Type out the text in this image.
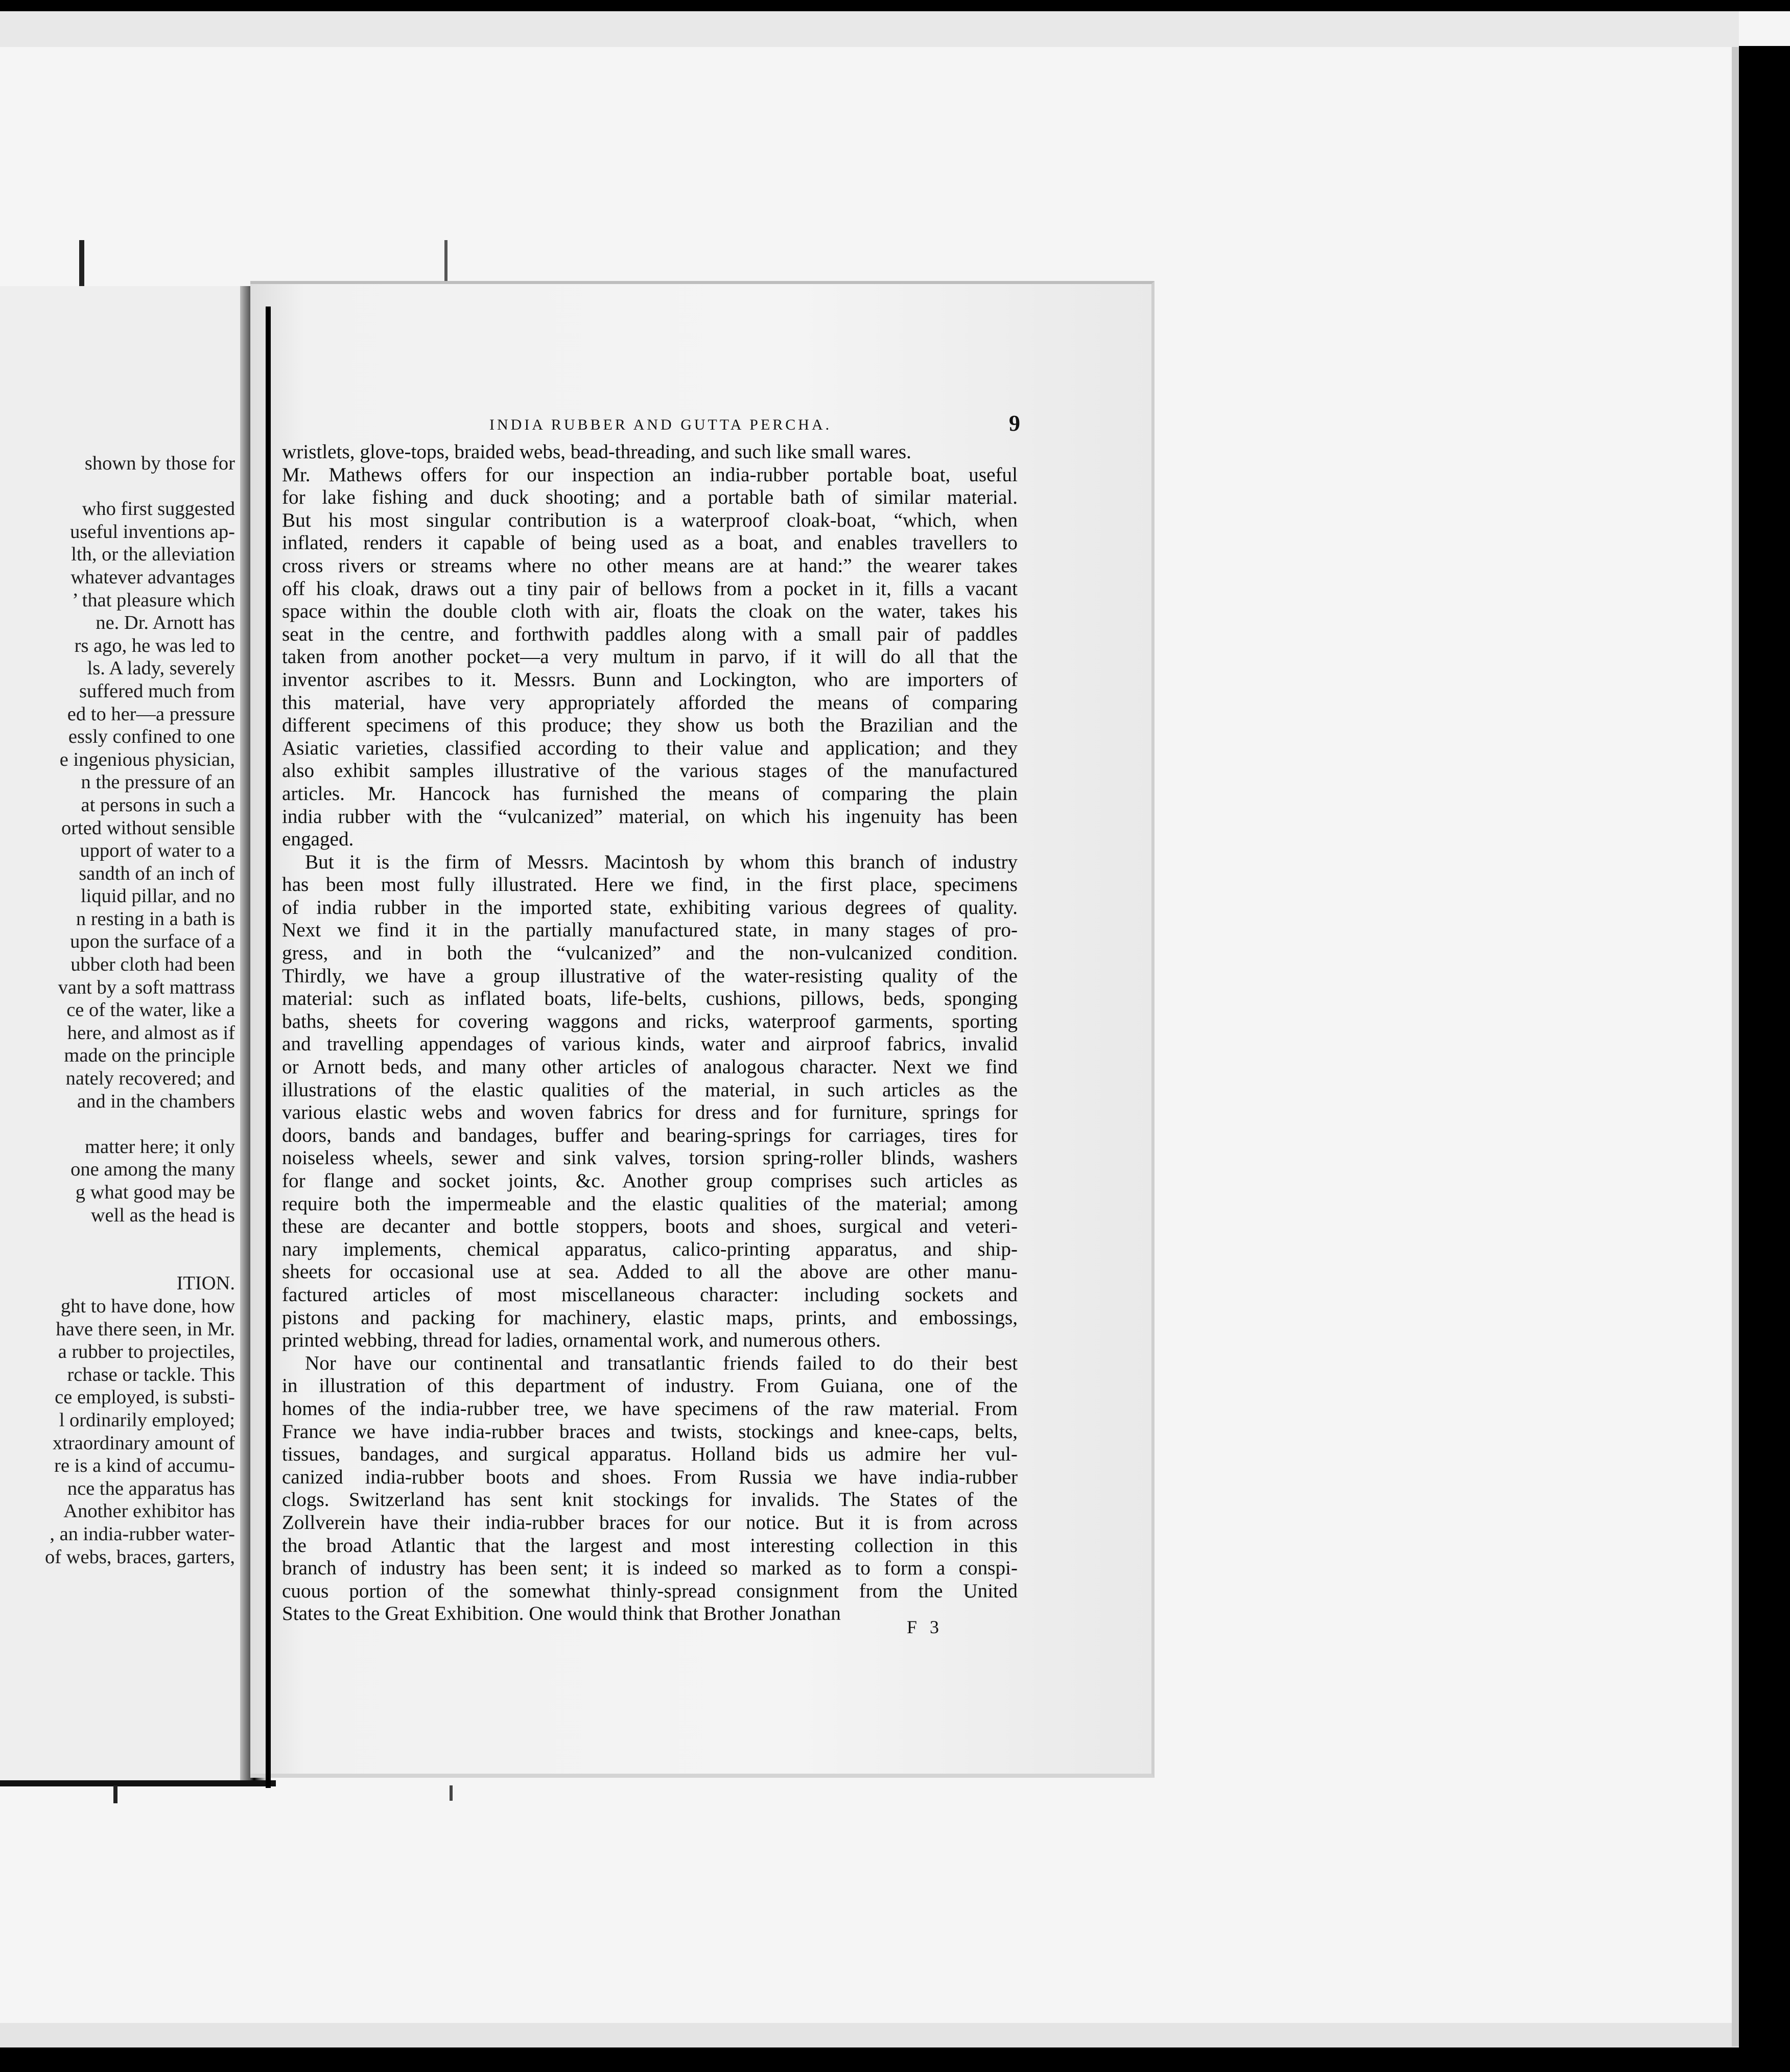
shown by those for
who first suggested
useful inventions ap-
lth, or the alleviation
whatever advantages
’ that pleasure which
ne. Dr. Arnott has
rs ago, he was led to
ls. A lady, severely
suffered much from
ed to her—a pressure
essly confined to one
e ingenious physician,
n the pressure of an
at persons in such a
orted without sensible
upport of water to a
sandth of an inch of
liquid pillar, and no
n resting in a bath is
upon the surface of a
ubber cloth had been
vant by a soft mattrass
ce of the water, like a
here, and almost as if
made on the principle
nately recovered; and
and in the chambers
matter here; it only
one among the many
g what good may be
well as the head is
ITION.
ght to have done, how
have there seen, in Mr.
a rubber to projectiles,
rchase or tackle. This
ce employed, is substi-
l ordinarily employed;
xtraordinary amount of
re is a kind of accumu-
nce the apparatus has
Another exhibitor has
, an india-rubber water-
of webs, braces, garters,
INDIA RUBBER AND GUTTA PERCHA.	9
wristlets, glove-tops, braided webs, bead-threading, and such like small wares.
Mr. Mathews offers for our inspection an india-rubber portable boat, useful
for lake fishing and duck shooting; and a portable bath of similar material.
But his most singular contribution is a waterproof cloak-boat, “which, when
inflated, renders it capable of being used as a boat, and enables travellers to
cross rivers or streams where no other means are at hand:” the wearer takes
off his cloak, draws out a tiny pair of bellows from a pocket in it, fills a vacant
space within the double cloth with air, floats the cloak on the water, takes his
seat in the centre, and forthwith paddles along with a small pair of paddles
taken from another pocket—a very multum in parvo, if it will do all that the
inventor ascribes to it. Messrs. Bunn and Lockington, who are importers of
this material, have very appropriately afforded the means of comparing
different specimens of this produce; they show us both the Brazilian and the
Asiatic varieties, classified according to their value and application; and they
also exhibit samples illustrative of the various stages of the manufactured
articles. Mr. Hancock has furnished the means of comparing the plain
india rubber with the “vulcanized” material, on which his ingenuity has been
engaged.
But it is the firm of Messrs. Macintosh by whom this branch of industry
has been most fully illustrated. Here we find, in the first place, specimens
of india rubber in the imported state, exhibiting various degrees of quality.
Next we find it in the partially manufactured state, in many stages of pro-
gress, and in both the “vulcanized” and the non-vulcanized condition.
Thirdly, we have a group illustrative of the water-resisting quality of the
material: such as inflated boats, life-belts, cushions, pillows, beds, sponging
baths, sheets for covering waggons and ricks, waterproof garments, sporting
and travelling appendages of various kinds, water and airproof fabrics, invalid
or Arnott beds, and many other articles of analogous character. Next we find
illustrations of the elastic qualities of the material, in such articles as the
various elastic webs and woven fabrics for dress and for furniture, springs for
doors, bands and bandages, buffer and bearing-springs for carriages, tires for
noiseless wheels, sewer and sink valves, torsion spring-roller blinds, washers
for flange and socket joints, &c. Another group comprises such articles as
require both the impermeable and the elastic qualities of the material; among
these are decanter and bottle stoppers, boots and shoes, surgical and veteri-
nary implements, chemical apparatus, calico-printing apparatus, and ship-
sheets for occasional use at sea. Added to all the above are other manu-
factured articles of most miscellaneous character: including sockets and
pistons and packing for machinery, elastic maps, prints, and embossings,
printed webbing, thread for ladies, ornamental work, and numerous others.
Nor have our continental and transatlantic friends failed to do their best
in illustration of this department of industry. From Guiana, one of the
homes of the india-rubber tree, we have specimens of the raw material. From
France we have india-rubber braces and twists, stockings and knee-caps, belts,
tissues, bandages, and surgical apparatus. Holland bids us admire her vul-
canized india-rubber boots and shoes. From Russia we have india-rubber
clogs. Switzerland has sent knit stockings for invalids. The States of the
Zollverein have their india-rubber braces for our notice. But it is from across
the broad Atlantic that the largest and most interesting collection in this
branch of industry has been sent; it is indeed so marked as to form a conspi-
cuous portion of the somewhat thinly-spread consignment from the United
States to the Great Exhibition. One would think that Brother Jonathan
F 3
